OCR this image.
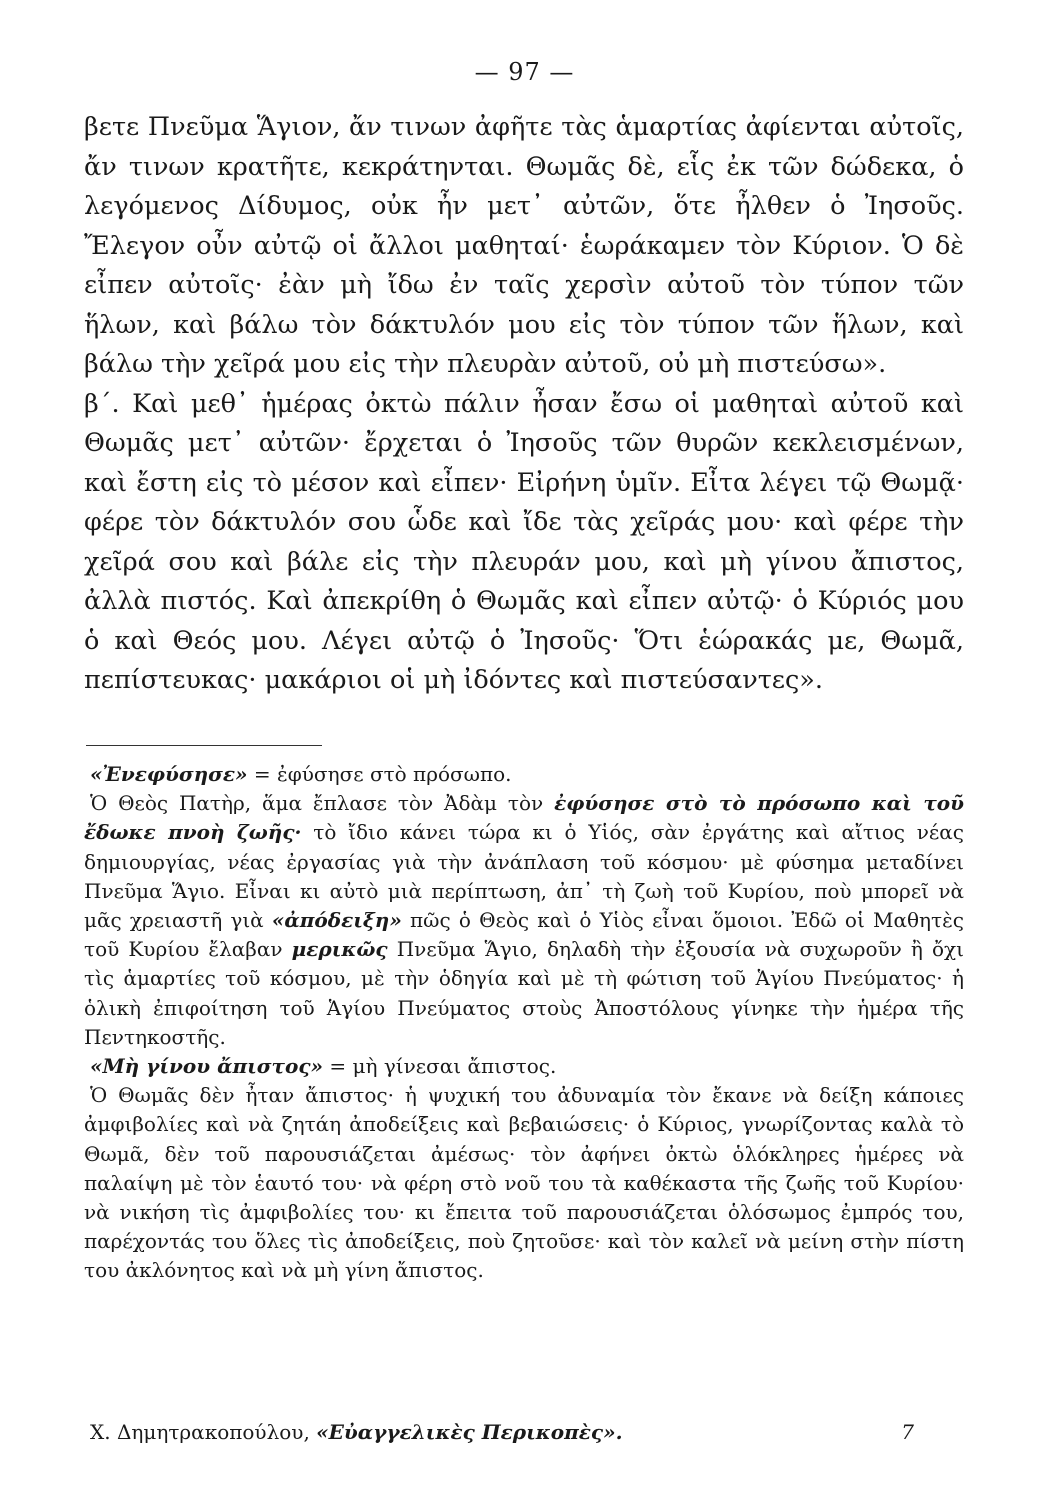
— 97 —

βετε Πνεῦμα Ἅγιον, ἄν τινων ἀφῆτε τὰς ἁμαρτίας ἀφίενται αὐτοῖς, ἄν τινων κρατῆτε, κεκράτηνται. Θωμᾶς δὲ, εἷς ἐκ τῶν δώδεκα, ὁ λεγόμενος Δίδυμος, οὐκ ἦν μετ᾽ αὐτῶν, ὅτε ἦλθεν ὁ Ἰησοῦς. Ἔλεγον οὖν αὐτῷ οἱ ἄλλοι μαθηταί· ἑωράκαμεν τὸν Κύριον. Ὁ δὲ εἶπεν αὐτοῖς· ἐὰν μὴ ἴδω ἐν ταῖς χερσὶν αὐτοῦ τὸν τύπον τῶν ἥλων, καὶ βάλω τὸν δάκτυλόν μου εἰς τὸν τύπον τῶν ἥλων, καὶ βάλω τὴν χεῖρά μου εἰς τὴν πλευρὰν αὐτοῦ, οὐ μὴ πιστεύσω».

β΄. Καὶ μεθ᾽ ἡμέρας ὀκτὼ πάλιν ἦσαν ἔσω οἱ μαθηταὶ αὐτοῦ καὶ Θωμᾶς μετ᾽ αὐτῶν· ἔρχεται ὁ Ἰησοῦς τῶν θυρῶν κεκλεισμένων, καὶ ἔστη εἰς τὸ μέσον καὶ εἶπεν· Εἰρήνη ὑμῖν. Εἶτα λέγει τῷ Θωμᾷ· φέρε τὸν δάκτυλόν σου ὧδε καὶ ἴδε τὰς χεῖράς μου· καὶ φέρε τὴν χεῖρά σου καὶ βάλε εἰς τὴν πλευράν μου, καὶ μὴ γίνου ἄπιστος, ἀλλὰ πιστός. Καὶ ἀπεκρίθη ὁ Θωμᾶς καὶ εἶπεν αὐτῷ· ὁ Κύριός μου ὁ καὶ Θεός μου. Λέγει αὐτῷ ὁ Ἰησοῦς· Ὅτι ἑώρακάς με, Θωμᾶ, πεπίστευκας· μακάριοι οἱ μὴ ἰδόντες καὶ πιστεύσαντες».

«Ἐνεφύσησε» = ἐφύσησε στὸ πρόσωπο.

Ὁ Θεὸς Πατὴρ, ἅμα ἔπλασε τὸν Ἀδὰμ τὸν ἐφύσησε στὸ τὸ πρόσωπο καὶ τοῦ ἔδωκε πνοὴ ζωῆς· τὸ ἴδιο κάνει τώρα κι ὁ Υἱός, σὰν ἐργάτης καὶ αἴτιος νέας δημιουργίας, νέας ἐργασίας γιὰ τὴν ἀνάπλαση τοῦ κόσμου· μὲ φύσημα μεταδίνει Πνεῦμα Ἅγιο. Εἶναι κι αὐτὸ μιὰ περίπτωση, ἀπ᾽ τὴ ζωὴ τοῦ Κυρίου, ποὺ μπορεῖ νὰ μᾶς χρειαστῆ γιὰ «ἀπόδειξη» πῶς ὁ Θεὸς καὶ ὁ Υἱὸς εἶναι ὅμοιοι. Ἐδῶ οἱ Μαθητὲς τοῦ Κυρίου ἔλαβαν μερικῶς Πνεῦμα Ἅγιο, δηλαδὴ τὴν ἐξουσία νὰ συχωροῦν ἢ ὄχι τὶς ἁμαρτίες τοῦ κόσμου, μὲ τὴν ὁδηγία καὶ μὲ τὴ φώτιση τοῦ Ἁγίου Πνεύματος· ἡ ὁλικὴ ἐπιφοίτηση τοῦ Ἁγίου Πνεύματος στοὺς Ἀποστόλους γίνηκε τὴν ἡμέρα τῆς Πεντηκοστῆς.

«Μὴ γίνου ἄπιστος» = μὴ γίνεσαι ἄπιστος.

Ὁ Θωμᾶς δὲν ἦταν ἄπιστος· ἡ ψυχική του ἀδυναμία τὸν ἔκανε νὰ δείξη κάποιες ἀμφιβολίες καὶ νὰ ζητάη ἀποδείξεις καὶ βεβαιώσεις· ὁ Κύριος, γνωρίζοντας καλὰ τὸ Θωμᾶ, δὲν τοῦ παρουσιάζεται ἀμέσως· τὸν ἀφήνει ὀκτὼ ὁλόκληρες ἡμέρες νὰ παλαίψη μὲ τὸν ἑαυτό του· νὰ φέρη στὸ νοῦ του τὰ καθέκαστα τῆς ζωῆς τοῦ Κυρίου· νὰ νικήση τὶς ἀμφιβολίες του· κι ἔπειτα τοῦ παρουσιάζεται ὁλόσωμος ἐμπρός του, παρέχοντάς του ὅλες τὶς ἀποδείξεις, ποὺ ζητοῦσε· καὶ τὸν καλεῖ νὰ μείνη στὴν πίστη του ἀκλόνητος καὶ νὰ μὴ γίνη ἄπιστος.

Χ. Δημητρακοπούλου, «Εὐαγγελικὲς Περικοπὲς».	7
